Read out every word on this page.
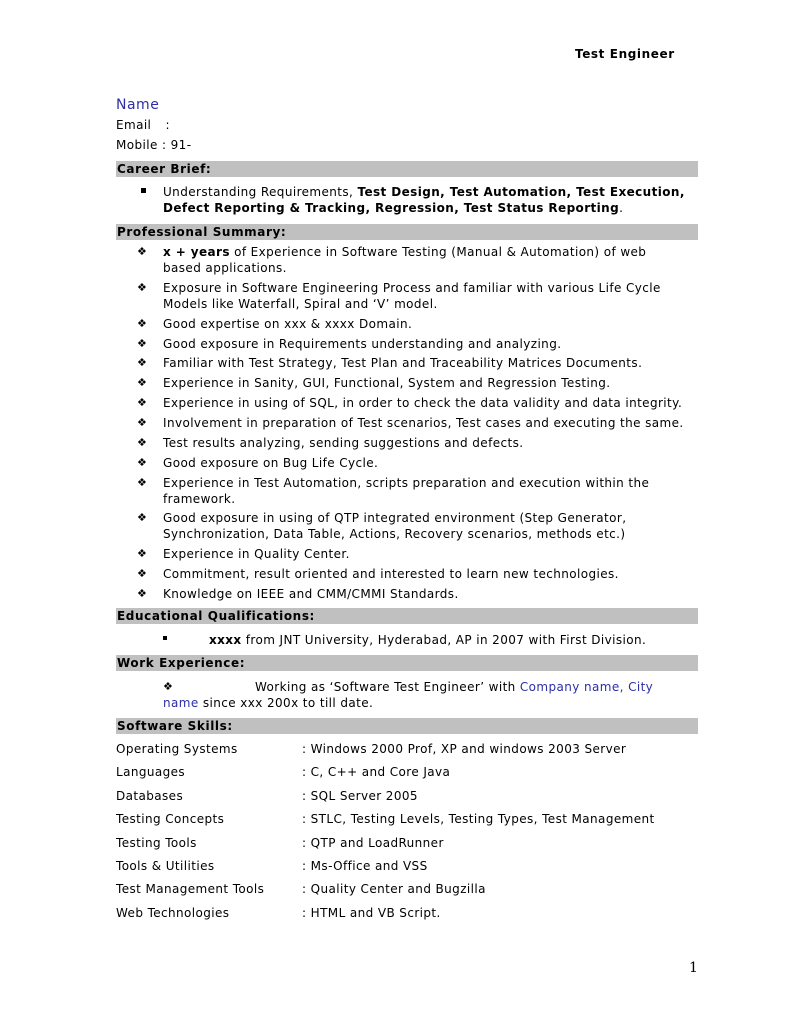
Test Engineer
Name
Email :
Mobile : 91-
Career Brief:
Understanding Requirements, Test Design, Test Automation, Test Execution,
Defect Reporting & Tracking, Regression, Test Status Reporting.
Professional Summary:
❖ x + years of Experience in Software Testing (Manual & Automation) of web
based applications.
❖ Exposure in Software Engineering Process and familiar with various Life Cycle
Models like Waterfall, Spiral and ‘V’ model.
❖ Good expertise on xxx & xxxx Domain.
❖ Good exposure in Requirements understanding and analyzing.
❖ Familiar with Test Strategy, Test Plan and Traceability Matrices Documents.
❖ Experience in Sanity, GUI, Functional, System and Regression Testing.
❖ Experience in using of SQL, in order to check the data validity and data integrity.
❖ Involvement in preparation of Test scenarios, Test cases and executing the same.
❖ Test results analyzing, sending suggestions and defects.
❖ Good exposure on Bug Life Cycle.
❖ Experience in Test Automation, scripts preparation and execution within the
framework.
❖ Good exposure in using of QTP integrated environment (Step Generator,
Synchronization, Data Table, Actions, Recovery scenarios, methods etc.)
❖ Experience in Quality Center.
❖ Commitment, result oriented and interested to learn new technologies.
❖ Knowledge on IEEE and CMM/CMMI Standards.
Educational Qualifications:
xxxx from JNT University, Hyderabad, AP in 2007 with First Division.
Work Experience:
❖	Working as ‘Software Test Engineer’ with Company name, City
name since xxx 200x to till date.
Software Skills:
Operating Systems	: Windows 2000 Prof, XP and windows 2003 Server
Languages	: C, C++ and Core Java
Databases	: SQL Server 2005
Testing Concepts	: STLC, Testing Levels, Testing Types, Test Management
Testing Tools	: QTP and LoadRunner
Tools & Utilities	: Ms-Office and VSS
Test Management Tools	: Quality Center and Bugzilla
Web Technologies	: HTML and VB Script.
1
